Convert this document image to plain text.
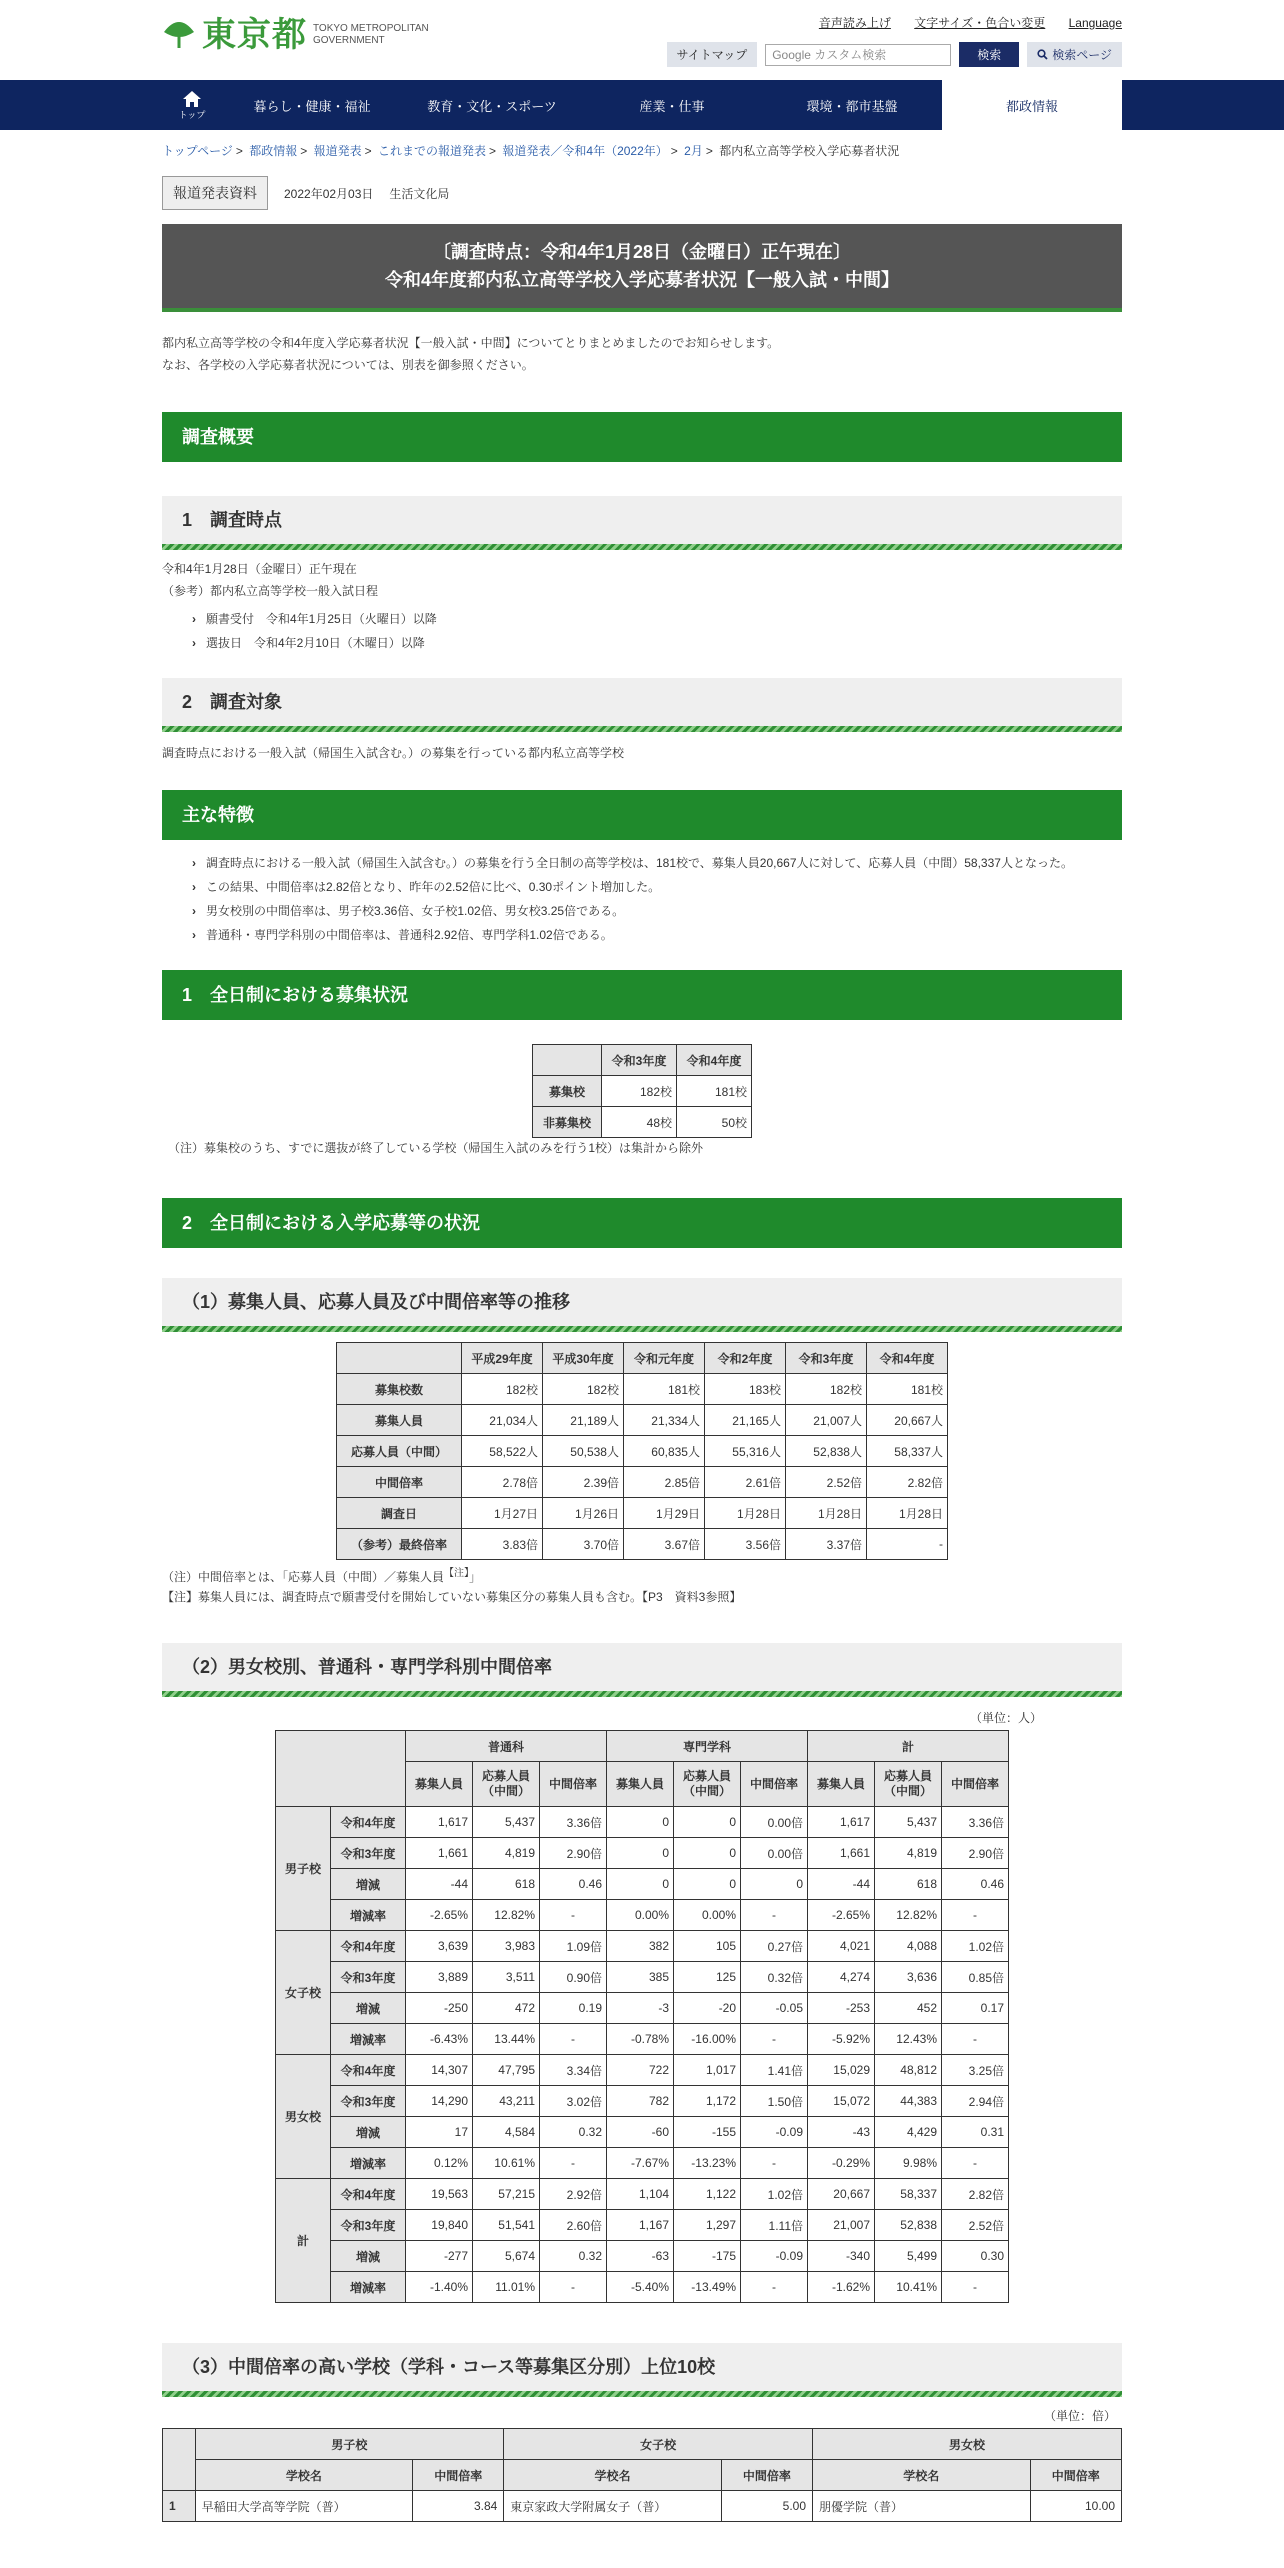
東京都 TOKYO METROPOLITAN
GOVERNMENT
音声読み上げ 文字サイズ・色合い変更 Language
サイトマップ	Google カスタム検索	検索	検索ページ
トップ
暮らし・健康・福祉	教育・文化・スポーツ	産業・仕事	環境・都市基盤	都政情報
トップページ > 都政情報 > 報道発表 > これまでの報道発表 > 報道発表／令和4年（2022年） > 2月 > 都内私立高等学校入学応募者状況
報道発表資料	2022年02月03日 生活文化局
〔調査時点：令和4年1月28日（金曜日）正午現在〕
令和4年度都内私立高等学校入学応募者状況【一般入試・中間】
都内私立高等学校の令和4年度入学応募者状況【一般入試・中間】についてとりまとめましたのでお知らせします。
なお、各学校の入学応募者状況については、別表を御参照ください。
調査概要
1　調査時点
令和4年1月28日（金曜日）正午現在
（参考）都内私立高等学校一般入試日程
› 願書受付　令和4年1月25日（火曜日）以降
› 選抜日　令和4年2月10日（木曜日）以降
2　調査対象
調査時点における一般入試（帰国生入試含む。）の募集を行っている都内私立高等学校
主な特徴
› 調査時点における一般入試（帰国生入試含む。）の募集を行う全日制の高等学校は、181校で、募集人員20,667人に対して、応募人員（中間）58,337人となった。
› この結果、中間倍率は2.82倍となり、昨年の2.52倍に比べ、0.30ポイント増加した。
› 男女校別の中間倍率は、男子校3.36倍、女子校1.02倍、男女校3.25倍である。
› 普通科・専門学科別の中間倍率は、普通科2.92倍、専門学科1.02倍である。
1　全日制における募集状況
	令和3年度	令和4年度
募集校	182校	181校
非募集校	48校	50校
（注）募集校のうち、すでに選抜が終了している学校（帰国生入試のみを行う1校）は集計から除外
2　全日制における入学応募等の状況
（1）募集人員、応募人員及び中間倍率等の推移
	平成29年度	平成30年度	令和元年度	令和2年度	令和3年度	令和4年度
募集校数	182校	182校	181校	183校	182校	181校
募集人員	21,034人	21,189人	21,334人	21,165人	21,007人	20,667人
応募人員（中間）	58,522人	50,538人	60,835人	55,316人	52,838人	58,337人
中間倍率	2.78倍	2.39倍	2.85倍	2.61倍	2.52倍	2.82倍
調査日	1月27日	1月26日	1月29日	1月28日	1月28日	1月28日
（参考）最終倍率	3.83倍	3.70倍	3.67倍	3.56倍	3.37倍	-
（注）中間倍率とは、「応募人員（中間）／募集人員$^{【注】}$」
【注】募集人員には、調査時点で願書受付を開始していない募集区分の募集人員も含む。【P3　資料3参照】
（2）男女校別、普通科・専門学科別中間倍率
（単位：人）
		普通科			専門学科			計		
		募集人員	応募人員（中間）	中間倍率	募集人員	応募人員（中間）	中間倍率	募集人員	応募人員（中間）	中間倍率
男子校	令和4年度	1,617	5,437	3.36倍	0	0	0.00倍	1,617	5,437	3.36倍
	令和3年度	1,661	4,819	2.90倍	0	0	0.00倍	1,661	4,819	2.90倍
	増減	-44	618	0.46	0	0	0	-44	618	0.46
	増減率	-2.65%	12.82%	-	0.00%	0.00%	-	-2.65%	12.82%	-
女子校	令和4年度	3,639	3,983	1.09倍	382	105	0.27倍	4,021	4,088	1.02倍
	令和3年度	3,889	3,511	0.90倍	385	125	0.32倍	4,274	3,636	0.85倍
	増減	-250	472	0.19	-3	-20	-0.05	-253	452	0.17
	増減率	-6.43%	13.44%	-	-0.78%	-16.00%	-	-5.92%	12.43%	-
男女校	令和4年度	14,307	47,795	3.34倍	722	1,017	1.41倍	15,029	48,812	3.25倍
	令和3年度	14,290	43,211	3.02倍	782	1,172	1.50倍	15,072	44,383	2.94倍
	増減	17	4,584	0.32	-60	-155	-0.09	-43	4,429	0.31
	増減率	0.12%	10.61%	-	-7.67%	-13.23%	-	-0.29%	9.98%	-
計	令和4年度	19,563	57,215	2.92倍	1,104	1,122	1.02倍	20,667	58,337	2.82倍
	令和3年度	19,840	51,541	2.60倍	1,167	1,297	1.11倍	21,007	52,838	2.52倍
	増減	-277	5,674	0.32	-63	-175	-0.09	-340	5,499	0.30
	増減率	-1.40%	11.01%	-	-5.40%	-13.49%	-	-1.62%	10.41%	-
（3）中間倍率の高い学校（学科・コース等募集区分別）上位10校
（単位：倍）
	男子校		女子校		男女校	
	学校名	中間倍率	学校名	中間倍率	学校名	中間倍率
1	早稲田大学高等学院（普）	3.84	東京家政大学附属女子（普）	5.00	朋優学院（普）	10.00
